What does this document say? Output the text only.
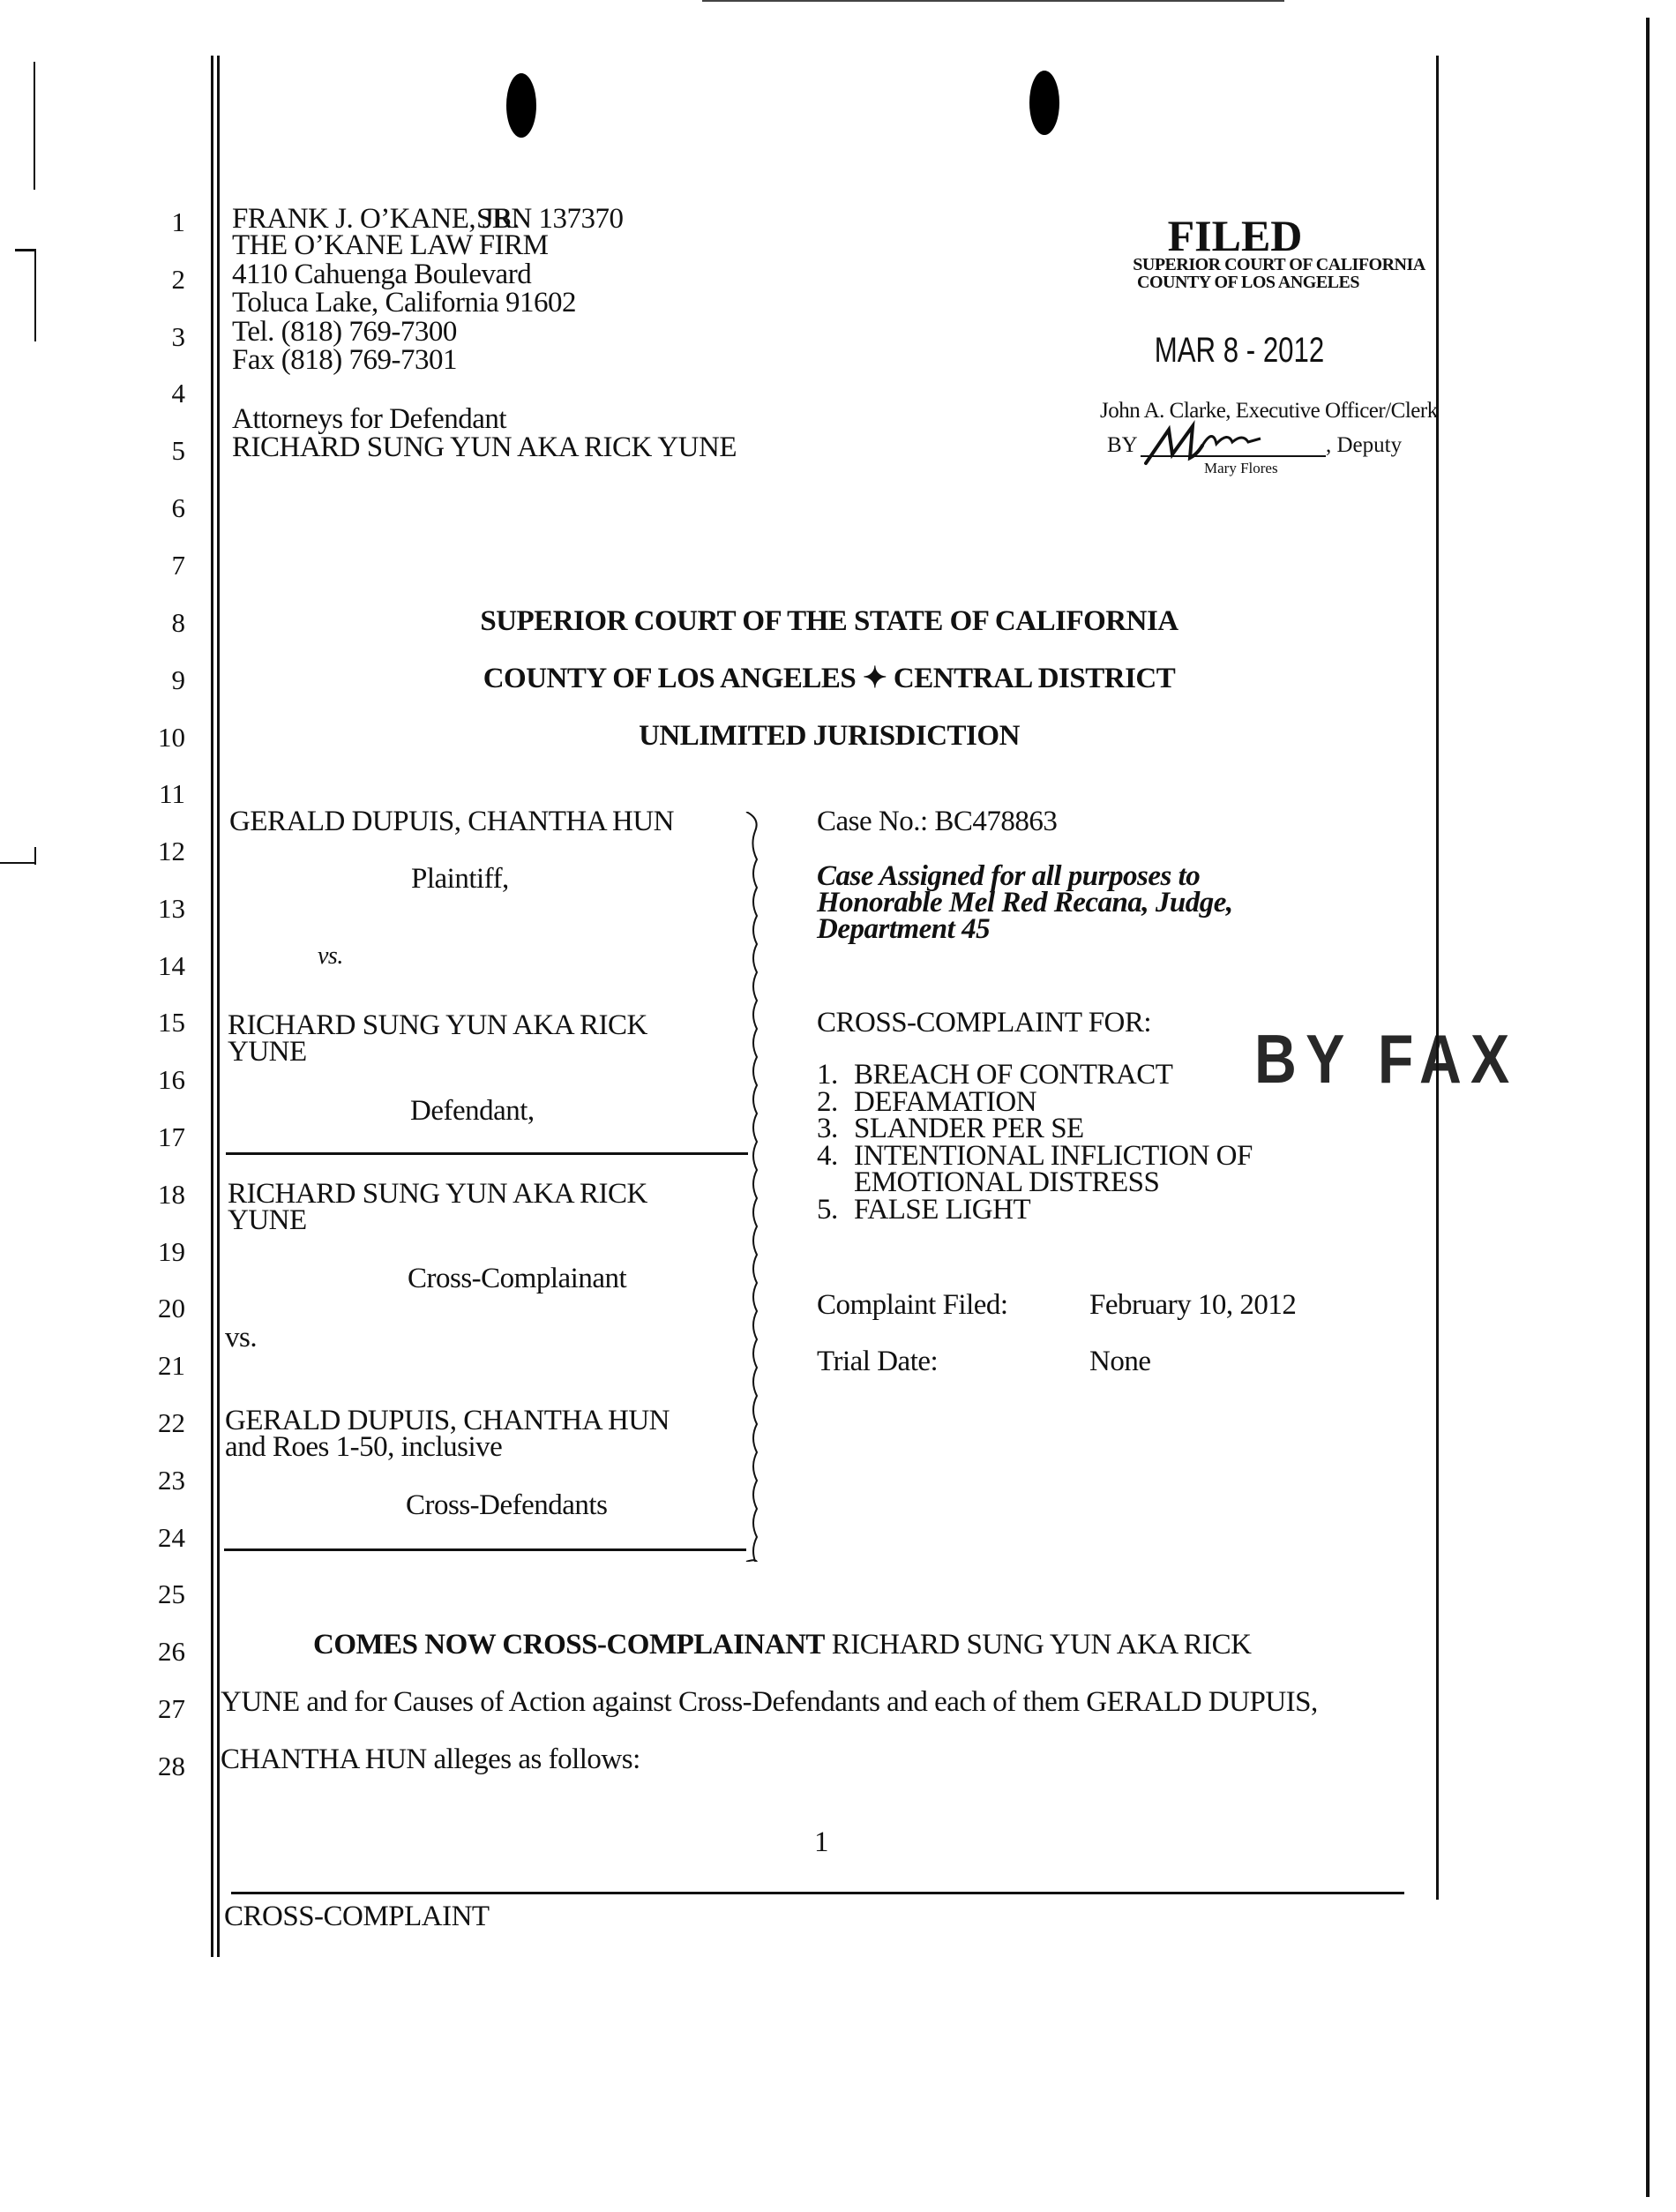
1
2
3
4
5
6
7
8
9
10
11
12
13
14
15
16
17
18
19
20
21
22
23
24
25
26
27
28
FRANK J. O’KANE, JR.
SBN 137370
THE O’KANE LAW FIRM
4110 Cahuenga Boulevard
Toluca Lake, California 91602
Tel. (818) 769-7300
Fax (818) 769-7301
Attorneys for Defendant
RICHARD SUNG YUN AKA RICK YUNE
FILED
SUPERIOR COURT OF CALIFORNIA
COUNTY OF LOS ANGELES
MAR 8 - 2012
John A. Clarke, Executive Officer/Clerk
BY	, Deputy
Mary Flores
SUPERIOR COURT OF THE STATE OF CALIFORNIA
COUNTY OF LOS ANGELES ✦ CENTRAL DISTRICT
UNLIMITED JURISDICTION
GERALD DUPUIS, CHANTHA HUN
Plaintiff,
vs.
RICHARD SUNG YUN AKA RICK
YUNE
Defendant,
RICHARD SUNG YUN AKA RICK
YUNE
Cross-Complainant
vs.
GERALD DUPUIS, CHANTHA HUN
and Roes 1-50, inclusive
Cross-Defendants
Case No.: BC478863
Case Assigned for all purposes to
Honorable Mel Red Recana, Judge,
Department 45
CROSS-COMPLAINT FOR:
1. BREACH OF CONTRACT
2. DEFAMATION
3. SLANDER PER SE
4. INTENTIONAL INFLICTION OF
EMOTIONAL DISTRESS
5. FALSE LIGHT
Complaint Filed:	February 10, 2012
Trial Date:	None
BY FAX
COMES NOW CROSS-COMPLAINANT RICHARD SUNG YUN AKA RICK
YUNE and for Causes of Action against Cross-Defendants and each of them GERALD DUPUIS,
CHANTHA HUN alleges as follows:
1
CROSS-COMPLAINT
